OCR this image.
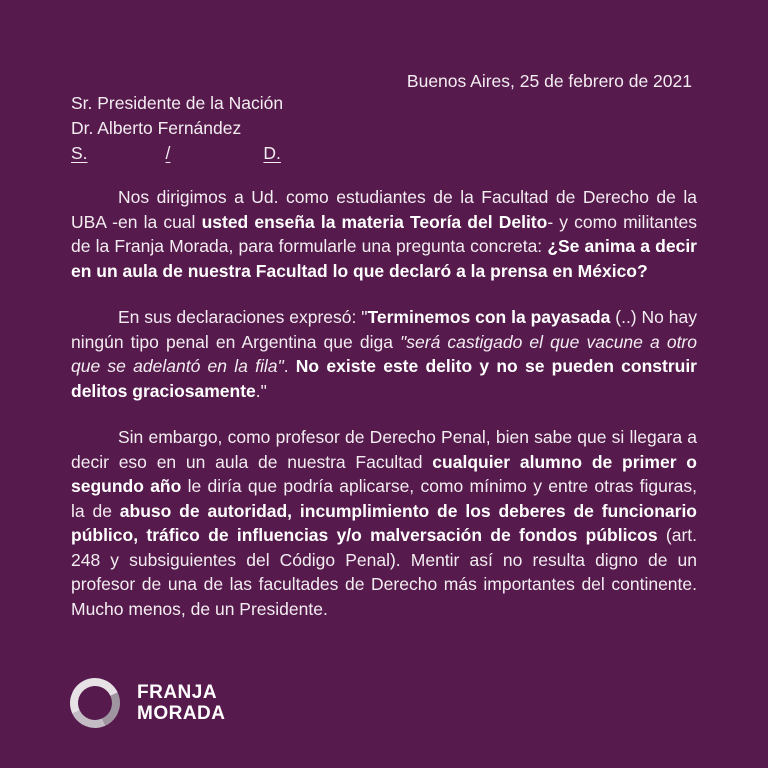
Buenos Aires, 25 de febrero de 2021
Sr. Presidente de la Nación
Dr. Alberto Fernández
S.	/	D.

Nos dirigimos a Ud. como estudiantes de la Facultad de Derecho de la UBA -en la cual usted enseña la materia Teoría del Delito- y como militantes de la Franja Morada, para formularle una pregunta concreta: ¿Se anima a decir en un aula de nuestra Facultad lo que declaró a la prensa en México?

En sus declaraciones expresó: "Terminemos con la payasada (..) No hay ningún tipo penal en Argentina que diga "será castigado el que vacune a otro que se adelantó en la fila". No existe este delito y no se pueden construir delitos graciosamente."

Sin embargo, como profesor de Derecho Penal, bien sabe que si llegara a decir eso en un aula de nuestra Facultad cualquier alumno de primer o segundo año le diría que podría aplicarse, como mínimo y entre otras figuras, la de abuso de autoridad, incumplimiento de los deberes de funcionario público, tráfico de influencias y/o malversación de fondos públicos (art. 248 y subsiguientes del Código Penal). Mentir así no resulta digno de un profesor de una de las facultades de Derecho más importantes del continente. Mucho menos, de un Presidente.

FRANJA
MORADA
